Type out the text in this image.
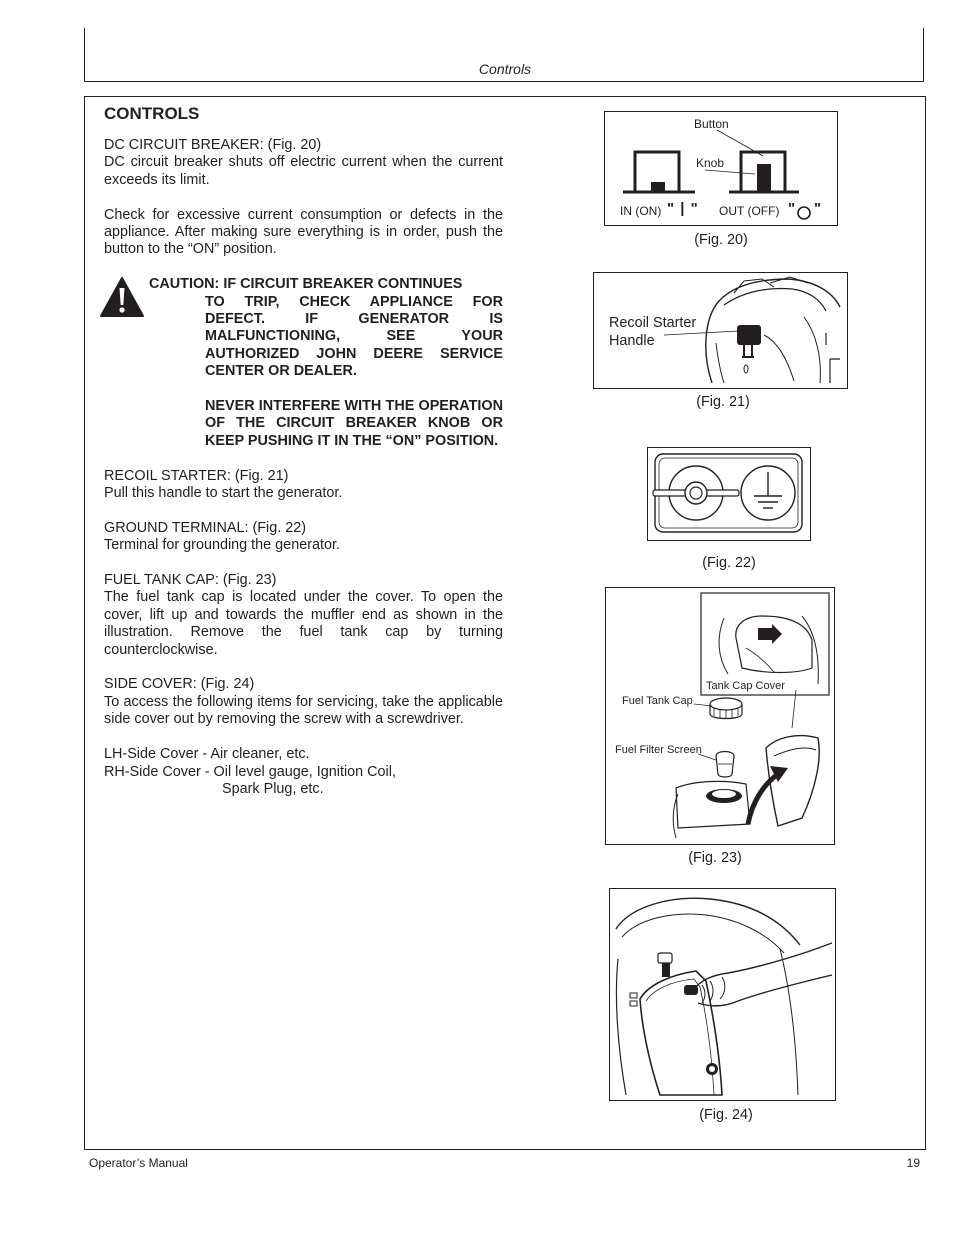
Controls

CONTROLS

DC CIRCUIT BREAKER: (Fig. 20)

DC circuit breaker shuts off electric current when the current exceeds its limit.

Check for excessive current consumption or defects in the appliance. After making sure everything is in order, push the button to the “ON” position.

CAUTION: IF CIRCUIT BREAKER CONTINUES
TO TRIP, CHECK APPLIANCE FOR DEFECT. IF GENERATOR IS MALFUNCTIONING, SEE YOUR AUTHORIZED JOHN DEERE SERVICE CENTER OR DEALER.
NEVER INTERFERE WITH THE OPERATION OF THE CIRCUIT BREAKER KNOB OR KEEP PUSHING IT IN THE “ON” POSITION.

RECOIL STARTER: (Fig. 21)

Pull this handle to start the generator.

GROUND TERMINAL: (Fig. 22)

Terminal for grounding the generator.

FUEL TANK CAP: (Fig. 23)

The fuel tank cap is located under the cover. To open the cover, lift up and towards the muffler end as shown in the illustration. Remove the fuel tank cap by turning counterclockwise.

SIDE COVER: (Fig. 24)

To access the following items for servicing, take the applicable side cover out by removing the screw with a screwdriver.

LH-Side Cover - Air cleaner, etc.

RH-Side Cover - Oil level gauge, Ignition Coil,

Spark Plug, etc.

Button
Knob
IN (ON) " | " OUT (OFF) " "
(Fig. 20)
Recoil Starter
Handle
(Fig. 21)
(Fig. 22)
Tank Cap Cover
Fuel Tank Cap
Fuel Filter Screen
(Fig. 23)
(Fig. 24)
Operator’s Manual	19
